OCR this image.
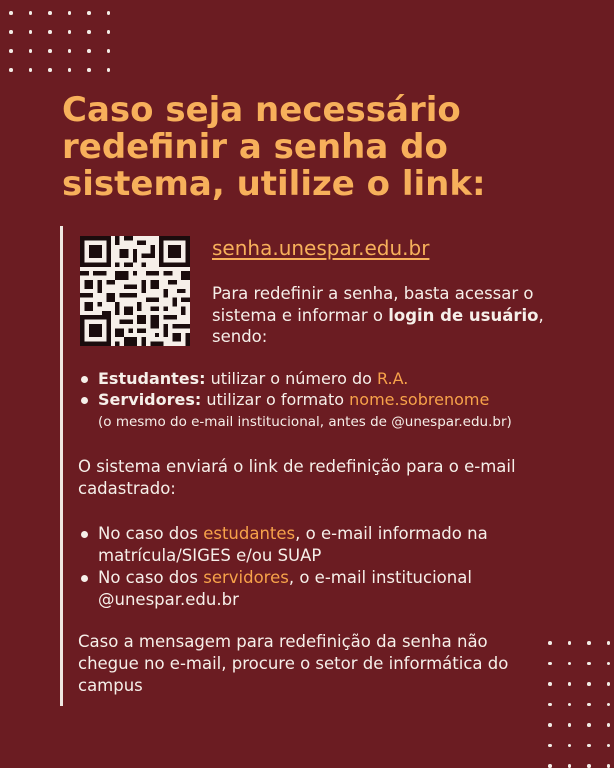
Caso seja necessário redefinir a senha do sistema, utilize o link:
senha.unespar.edu.br
Para redefinir a senha, basta acessar o sistema e informar o login de usuário, sendo:
Estudantes: utilizar o número do R.A.
Servidores: utilizar o formato nome.sobrenome
(o mesmo do e-mail institucional, antes de @unespar.edu.br)
O sistema enviará o link de redefinição para o e-mail cadastrado:
No caso dos estudantes, o e-mail informado na matrícula/SIGES e/ou SUAP
No caso dos servidores, o e-mail institucional @unespar.edu.br
Caso a mensagem para redefinição da senha não chegue no e-mail, procure o setor de informática do campus
